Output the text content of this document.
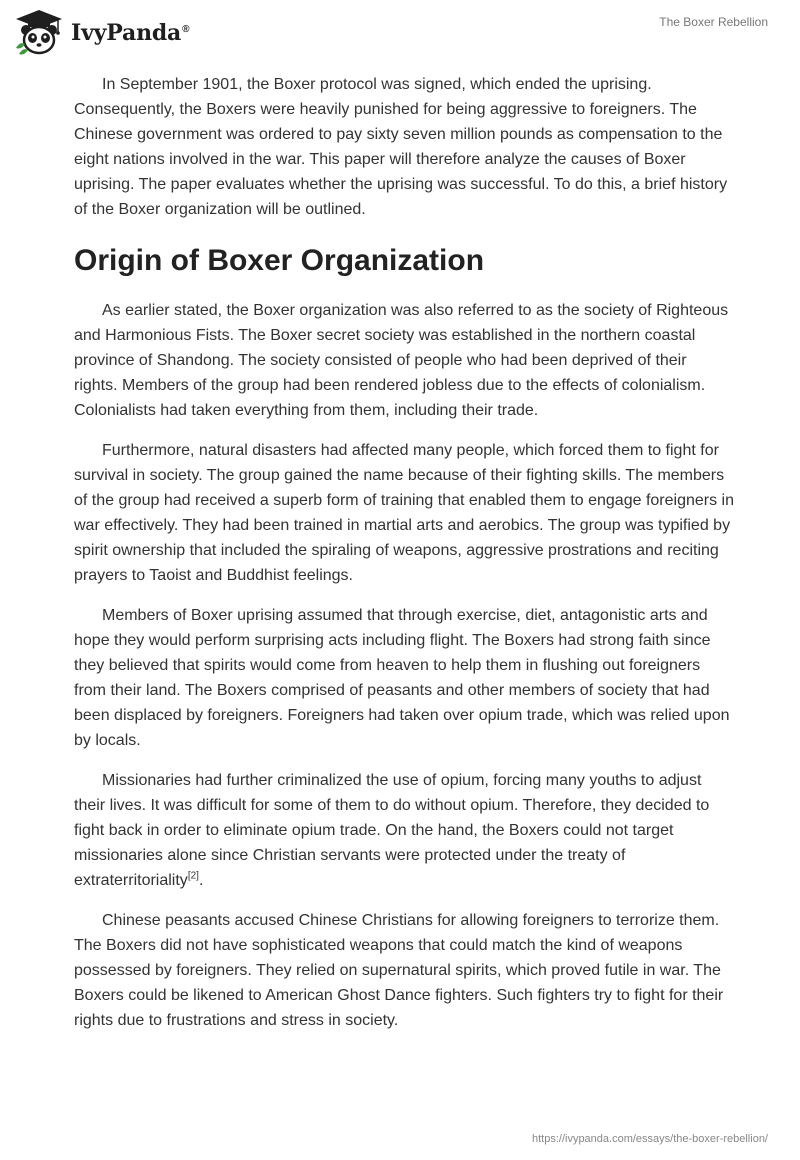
IvyPanda®
The Boxer Rebellion

In September 1901, the Boxer protocol was signed, which ended the uprising. Consequently, the Boxers were heavily punished for being aggressive to foreigners. The Chinese government was ordered to pay sixty seven million pounds as compensation to the eight nations involved in the war. This paper will therefore analyze the causes of Boxer uprising. The paper evaluates whether the uprising was successful. To do this, a brief history of the Boxer organization will be outlined.

Origin of Boxer Organization

As earlier stated, the Boxer organization was also referred to as the society of Righteous and Harmonious Fists. The Boxer secret society was established in the northern coastal province of Shandong. The society consisted of people who had been deprived of their rights. Members of the group had been rendered jobless due to the effects of colonialism. Colonialists had taken everything from them, including their trade.

Furthermore, natural disasters had affected many people, which forced them to fight for survival in society. The group gained the name because of their fighting skills. The members of the group had received a superb form of training that enabled them to engage foreigners in war effectively. They had been trained in martial arts and aerobics. The group was typified by spirit ownership that included the spiraling of weapons, aggressive prostrations and reciting prayers to Taoist and Buddhist feelings.

Members of Boxer uprising assumed that through exercise, diet, antagonistic arts and hope they would perform surprising acts including flight. The Boxers had strong faith since they believed that spirits would come from heaven to help them in flushing out foreigners from their land. The Boxers comprised of peasants and other members of society that had been displaced by foreigners. Foreigners had taken over opium trade, which was relied upon by locals.

Missionaries had further criminalized the use of opium, forcing many youths to adjust their lives. It was difficult for some of them to do without opium. Therefore, they decided to fight back in order to eliminate opium trade. On the hand, the Boxers could not target missionaries alone since Christian servants were protected under the treaty of extraterritoriality[2].

Chinese peasants accused Chinese Christians for allowing foreigners to terrorize them. The Boxers did not have sophisticated weapons that could match the kind of weapons possessed by foreigners. They relied on supernatural spirits, which proved futile in war. The Boxers could be likened to American Ghost Dance fighters. Such fighters try to fight for their rights due to frustrations and stress in society.

https://ivypanda.com/essays/the-boxer-rebellion/
